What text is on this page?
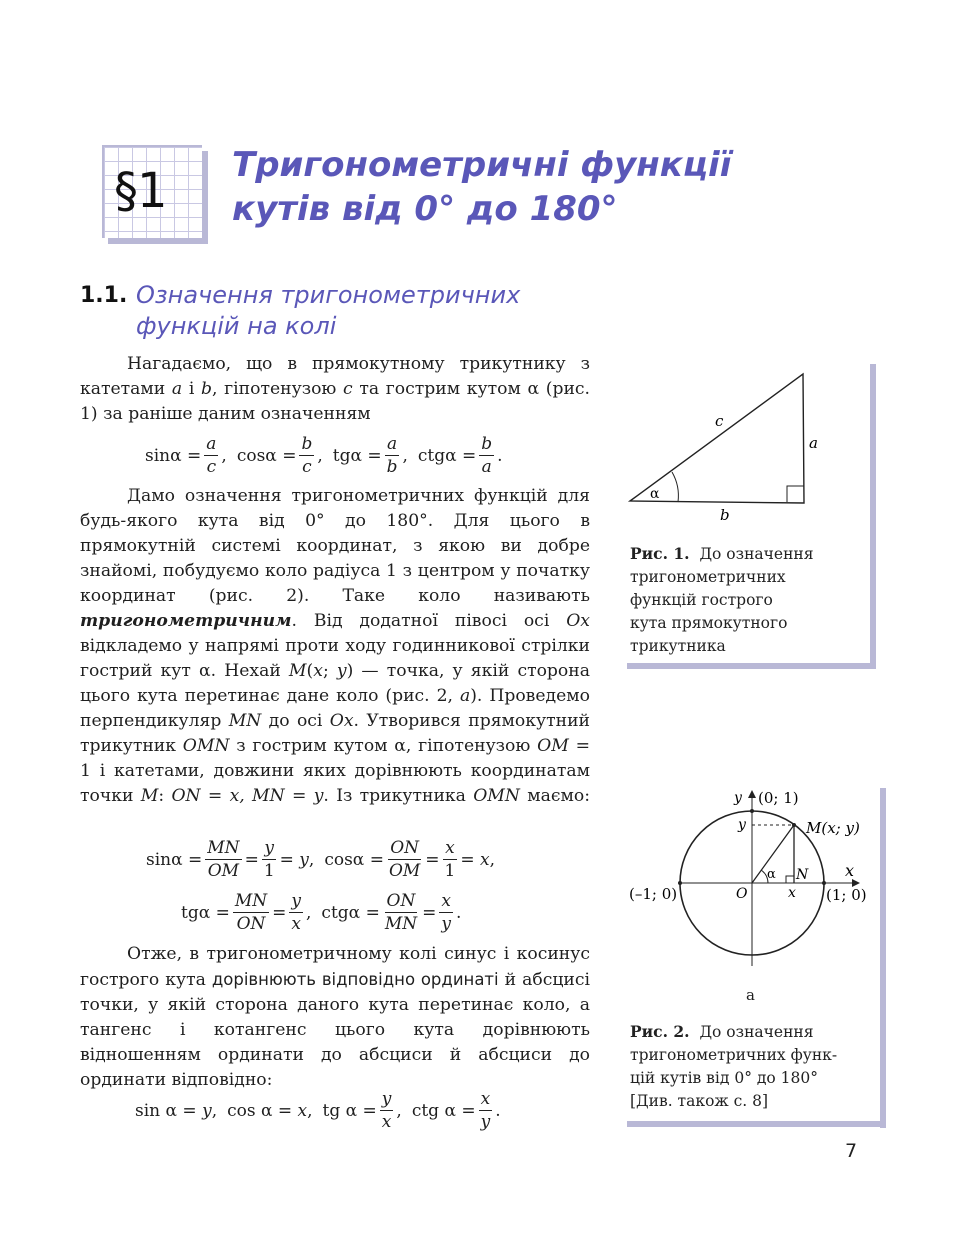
§1 Тригонометричні функції
кутів від 0° до 180°
1.1. Означення тригонометричних
функцій на колі
Нагадаємо, що в прямокутному трикутнику з катетами a і b, гіпотенузою c та гострим кутом α (рис. 1) за раніше даним означенням
sin α
= $\frac{a}{c}$ , cos α
= $\frac{b}{c}$ , tg α
= $\frac{a}{b}$ , ctg α
= $\frac{b}{a}$ .
Дамо означення тригонометричних функцій для будь-якого кута від 0° до 180°. Для цього в прямокутній системі координат, з якою ви добре знайомі, побудуємо коло радіуса 1 з центром у початку координат (рис. 2). Таке коло називають тригонометричним. Від додатної півосі осі Ox відкладемо у напрямі проти ходу годинникової стрілки гострий кут α. Нехай M(x; y) — точка, у якій сторона цього кута перетинає дане коло (рис. 2, а). Проведемо перпендикуляр MN до осі Ox. Утворився прямокутний трикутник OMN з гострим кутом α, гіпотенузою OM = 1 і катетами, довжини яких дорівнюють координатам точки M: ON = x, MN = y. Із трикутника OMN маємо:
sin α
= $\frac{MN}{OM} = \frac{y}{1}$ =
y , cos α
= $\frac{ON}{OM} = \frac{x}{1}$ =
x ,
tg α
= $\frac{MN}{ON} = \frac{y}{x}$ , ctg α
= $\frac{ON}{MN} = \frac{x}{y}$ .
Отже, в тригонометричному колі синус і косинус гострого кута дорівнюють відповідно ординаті й абсцисі точки, у якій сторона даного кута перетинає коло, а тангенс і котангенс цього кута дорівнюють відношенням ординати до абсциси й абсциси до ординати відповідно:
sin
α
=
y , cos
α
=
x , tg
α
= $\frac{y}{x}$ , ctg
α
= $\frac{x}{y}$ .
c
a
b
α
Рис. 1. До означення
тригонометричних
функцій гострого
кута прямокутного
трикутника
y (0; 1)
y	M(x; y)
x
α N
O	x
(–1; 0)	(1; 0)
а
Рис. 2. До означення
тригонометричних функ-
цій кутів від 0° до 180°
[Див. також с. 8]
7
